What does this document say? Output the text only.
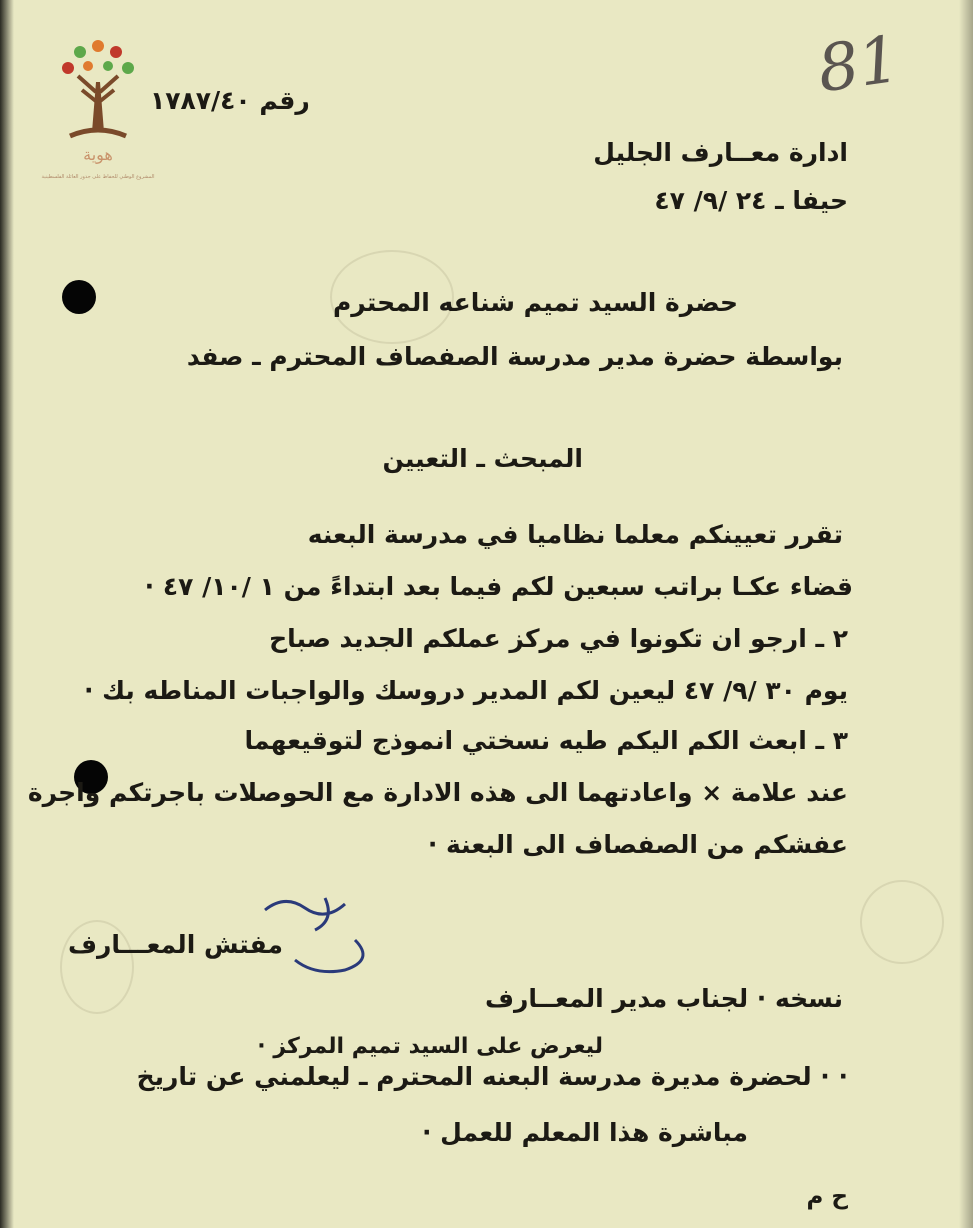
هوية
المشروع الوطني للحفاظ على جذور العائلة الفلسطينية
81
رقم ١٧٨٧/٤٠
ادارة معــارف الجليل
حيفا ـ ٢٤ /٩/ ٤٧
حضرة السيد تميم شناعه المحترم
بواسطة حضرة مدير مدرسة الصفصاف المحترم ـ صفد
المبحث ـ التعيين
تقرر تعيينكم معلما نظاميا في مدرسة البعنه
قضاء عكـا براتب سبعين لكم فيما بعد ابتداءً من ١ /١٠/ ٤٧ ·
٢ ـ ارجو ان تكونوا في مركز عملكم الجديد صباح
يوم ٣٠ /٩/ ٤٧ ليعين لكم المدير دروسك والواجبات المناطه بك ·
٣ ـ ابعث الكم اليكم طيه نسختي انموذج لتوقيعهما
عند علامة × واعادتهما الى هذه الادارة مع الحوصلات باجرتكم واجرة
عفشكم من الصفصاف الى البعنة ·
مفتش المعـــارف
نسخه · لجناب مدير المعــارف
ليعرض على السيد تميم المركز ·
· · لحضرة مديرة مدرسة البعنه المحترم ـ ليعلمني عن تاريخ
مباشرة هذا المعلم للعمل ·
ح م
